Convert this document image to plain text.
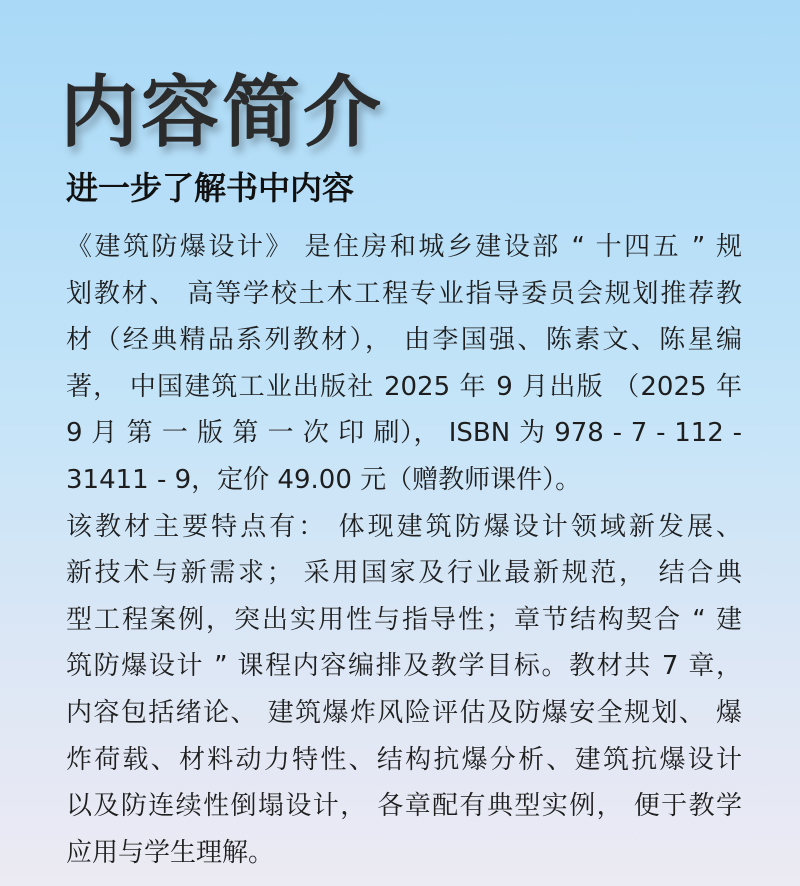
内容简介
进一步了解书中内容

《建筑防爆设计》 是住房和城乡建设部 “ 十四五 ” 规
划教材、 高等学校土木工程专业指导委员会规划推荐教
材（经典精品系列教材）， 由李国强、陈素文、陈星编
著， 中国建筑工业出版社 2025 年 9 月出版 （2025 年
9 月 第 一 版 第 一 次 印 刷）， ISBN 为 978 - 7 - 112 -
31411 - 9，定价 49.00 元（赠教师课件）。

该教材主要特点有： 体现建筑防爆设计领域新发展、
新技术与新需求； 采用国家及行业最新规范， 结合典
型工程案例，突出实用性与指导性；章节结构契合 “ 建
筑防爆设计 ” 课程内容编排及教学目标。教材共 7 章，
内容包括绪论、 建筑爆炸风险评估及防爆安全规划、 爆
炸荷载、材料动力特性、结构抗爆分析、建筑抗爆设计
以及防连续性倒塌设计， 各章配有典型实例， 便于教学
应用与学生理解。
